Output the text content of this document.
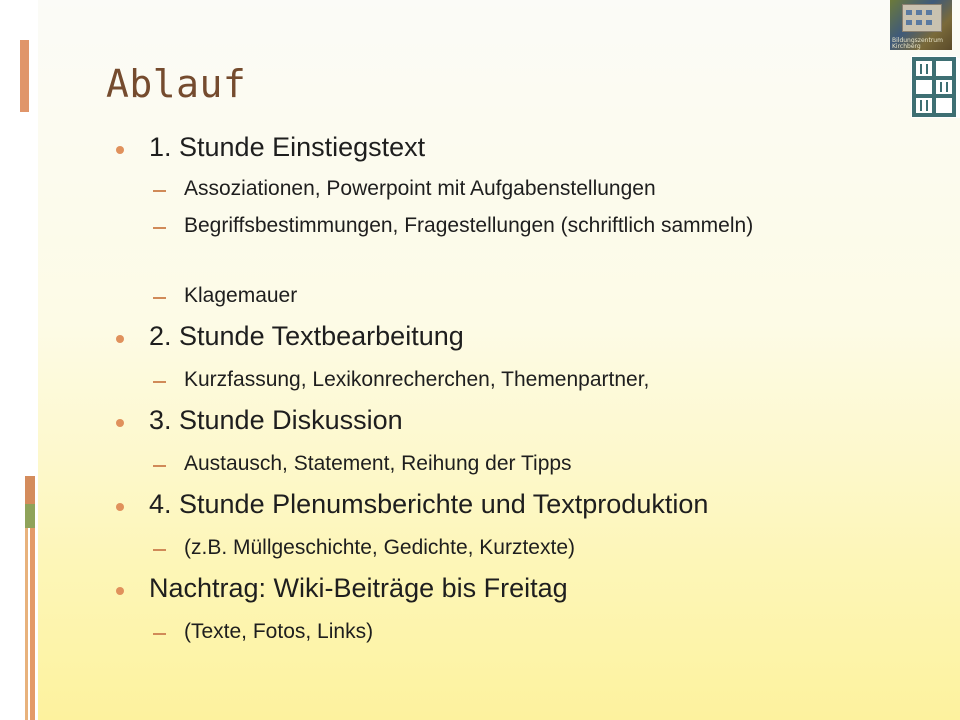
Bildungszentrum Kirchberg
Ablauf
1. Stunde Einstiegstext
Assoziationen, Powerpoint mit Aufgabenstellungen
Begriffsbestimmungen, Fragestellungen (schriftlich sammeln)
Klagemauer
2. Stunde Textbearbeitung
Kurzfassung, Lexikonrecherchen, Themenpartner,
3. Stunde Diskussion
Austausch, Statement, Reihung der Tipps
4. Stunde Plenumsberichte und Textproduktion
(z.B. Müllgeschichte, Gedichte, Kurztexte)
Nachtrag: Wiki-Beiträge bis Freitag
(Texte, Fotos, Links)
